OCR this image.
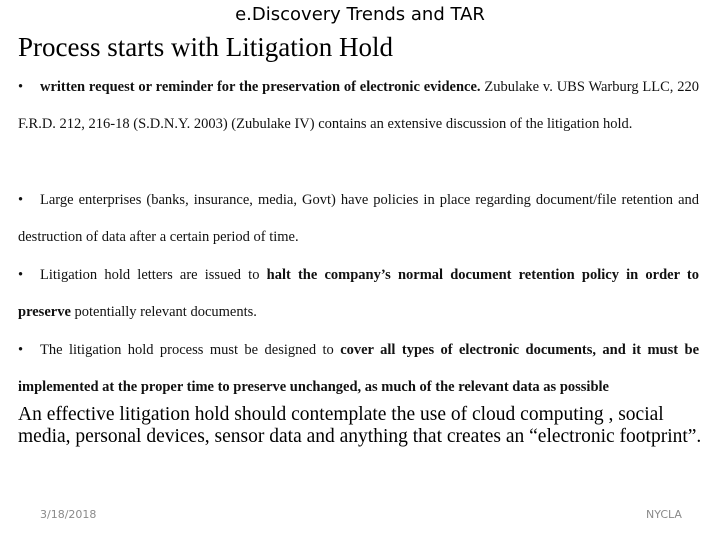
e.Discovery Trends and TAR
Process starts with Litigation Hold
• written request or reminder for the preservation of electronic evidence. Zubulake v. UBS Warburg LLC, 220 F.R.D. 212, 216-18 (S.D.N.Y. 2003) (Zubulake IV) contains an extensive discussion of the litigation hold.
• Large enterprises (banks, insurance, media, Govt) have policies in place regarding document/file retention and destruction of data after a certain period of time.
• Litigation hold letters are issued to halt the company’s normal document retention policy in order to preserve potentially relevant documents.
• The litigation hold process must be designed to cover all types of electronic documents, and it must be implemented at the proper time to preserve unchanged, as much of the relevant data as possible
An effective litigation hold should contemplate the use of cloud computing , social media, personal devices, sensor data and anything that creates an “electronic footprint”.
3/18/2018	NYCLA
